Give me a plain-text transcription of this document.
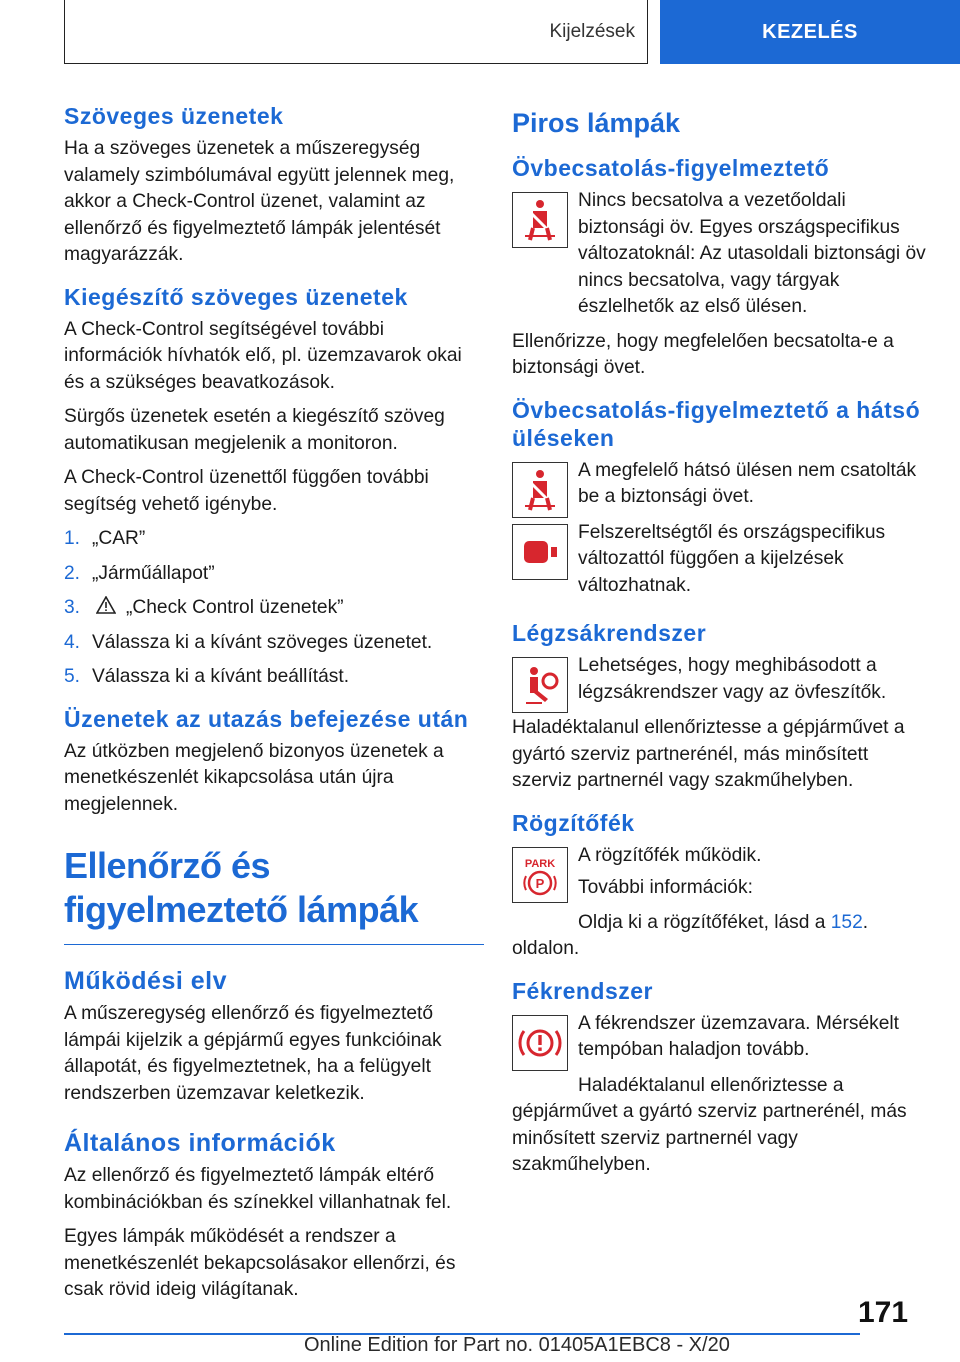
Kijelzések	KEZELÉS
Szöveges üzenetek

Ha a szöveges üzenetek a műszeregység valamely szimbólumával együtt jelennek meg, akkor a Check-Control üzenet, valamint az ellenőrző és figyelmeztető lámpák jelentését magyarázzák.

Kiegészítő szöveges üzenetek

A Check-Control segítségével további információk hívhatók elő, pl. üzemzavarok okai és a szükséges beavatkozások.

Sürgős üzenetek esetén a kiegészítő szöveg automatikusan megjelenik a monitoron.

A Check-Control üzenettől függően további segítség vehető igénybe.

1. „CAR”
2. „Járműállapot”
3.	„Check Control üzenetek”
4. Válassza ki a kívánt szöveges üzenetet.
5. Válassza ki a kívánt beállítást.
Üzenetek az utazás befejezése után

Az útközben megjelenő bizonyos üzenetek a menetkészenlét kikapcsolása után újra megjelennek.

Ellenőrző és figyelmeztető lámpák
Működési elv

A műszeregység ellenőrző és figyelmeztető lámpái kijelzik a gépjármű egyes funkcióinak állapotát, és figyelmeztetnek, ha a felügyelt rendszerben üzemzavar keletkezik.

Általános információk

Az ellenőrző és figyelmeztető lámpák eltérő kombinációkban és színekkel villanhatnak fel.

Egyes lámpák működését a rendszer a menetkészenlét bekapcsolásakor ellenőrzi, és csak rövid ideig világítanak.

Piros lámpák
Övbecsatolás-figyelmeztető

Nincs becsatolva a vezetőoldali biztonsági öv. Egyes országspecifikus változatoknál: Az utasoldali biztonsági öv nincs becsatolva, vagy tárgyak észlelhetők az első ülésen.

Ellenőrizze, hogy megfelelően becsatolta-e a biztonsági övet.

Övbecsatolás-figyelmeztető a hátsó üléseken

A megfelelő hátsó ülésen nem csatolták be a biztonsági övet.

Felszereltségtől és országspecifikus változattól függően a kijelzések változhatnak.

Légzsákrendszer

Lehetséges, hogy meghibásodott a légzsákrendszer vagy az övfeszítők.

Haladéktalanul ellenőriztesse a gépjárművet a gyártó szerviz partnerénél, más minősített szerviz partnernél vagy szakműhelyben.

Rögzítőfék
PARK
P

A rögzítőfék működik.

További információk:

Oldja ki a rögzítőféket, lásd a 152. oldalon.

Fékrendszer

A fékrendszer üzemzavara. Mérsékelt tempóban haladjon tovább.

Haladéktalanul ellenőriztesse a gépjárművet a gyártó szerviz partnerénél, más minősített szerviz partnernél vagy szakműhelyben.

171
Online Edition for Part no. 01405A1EBC8 - X/20
